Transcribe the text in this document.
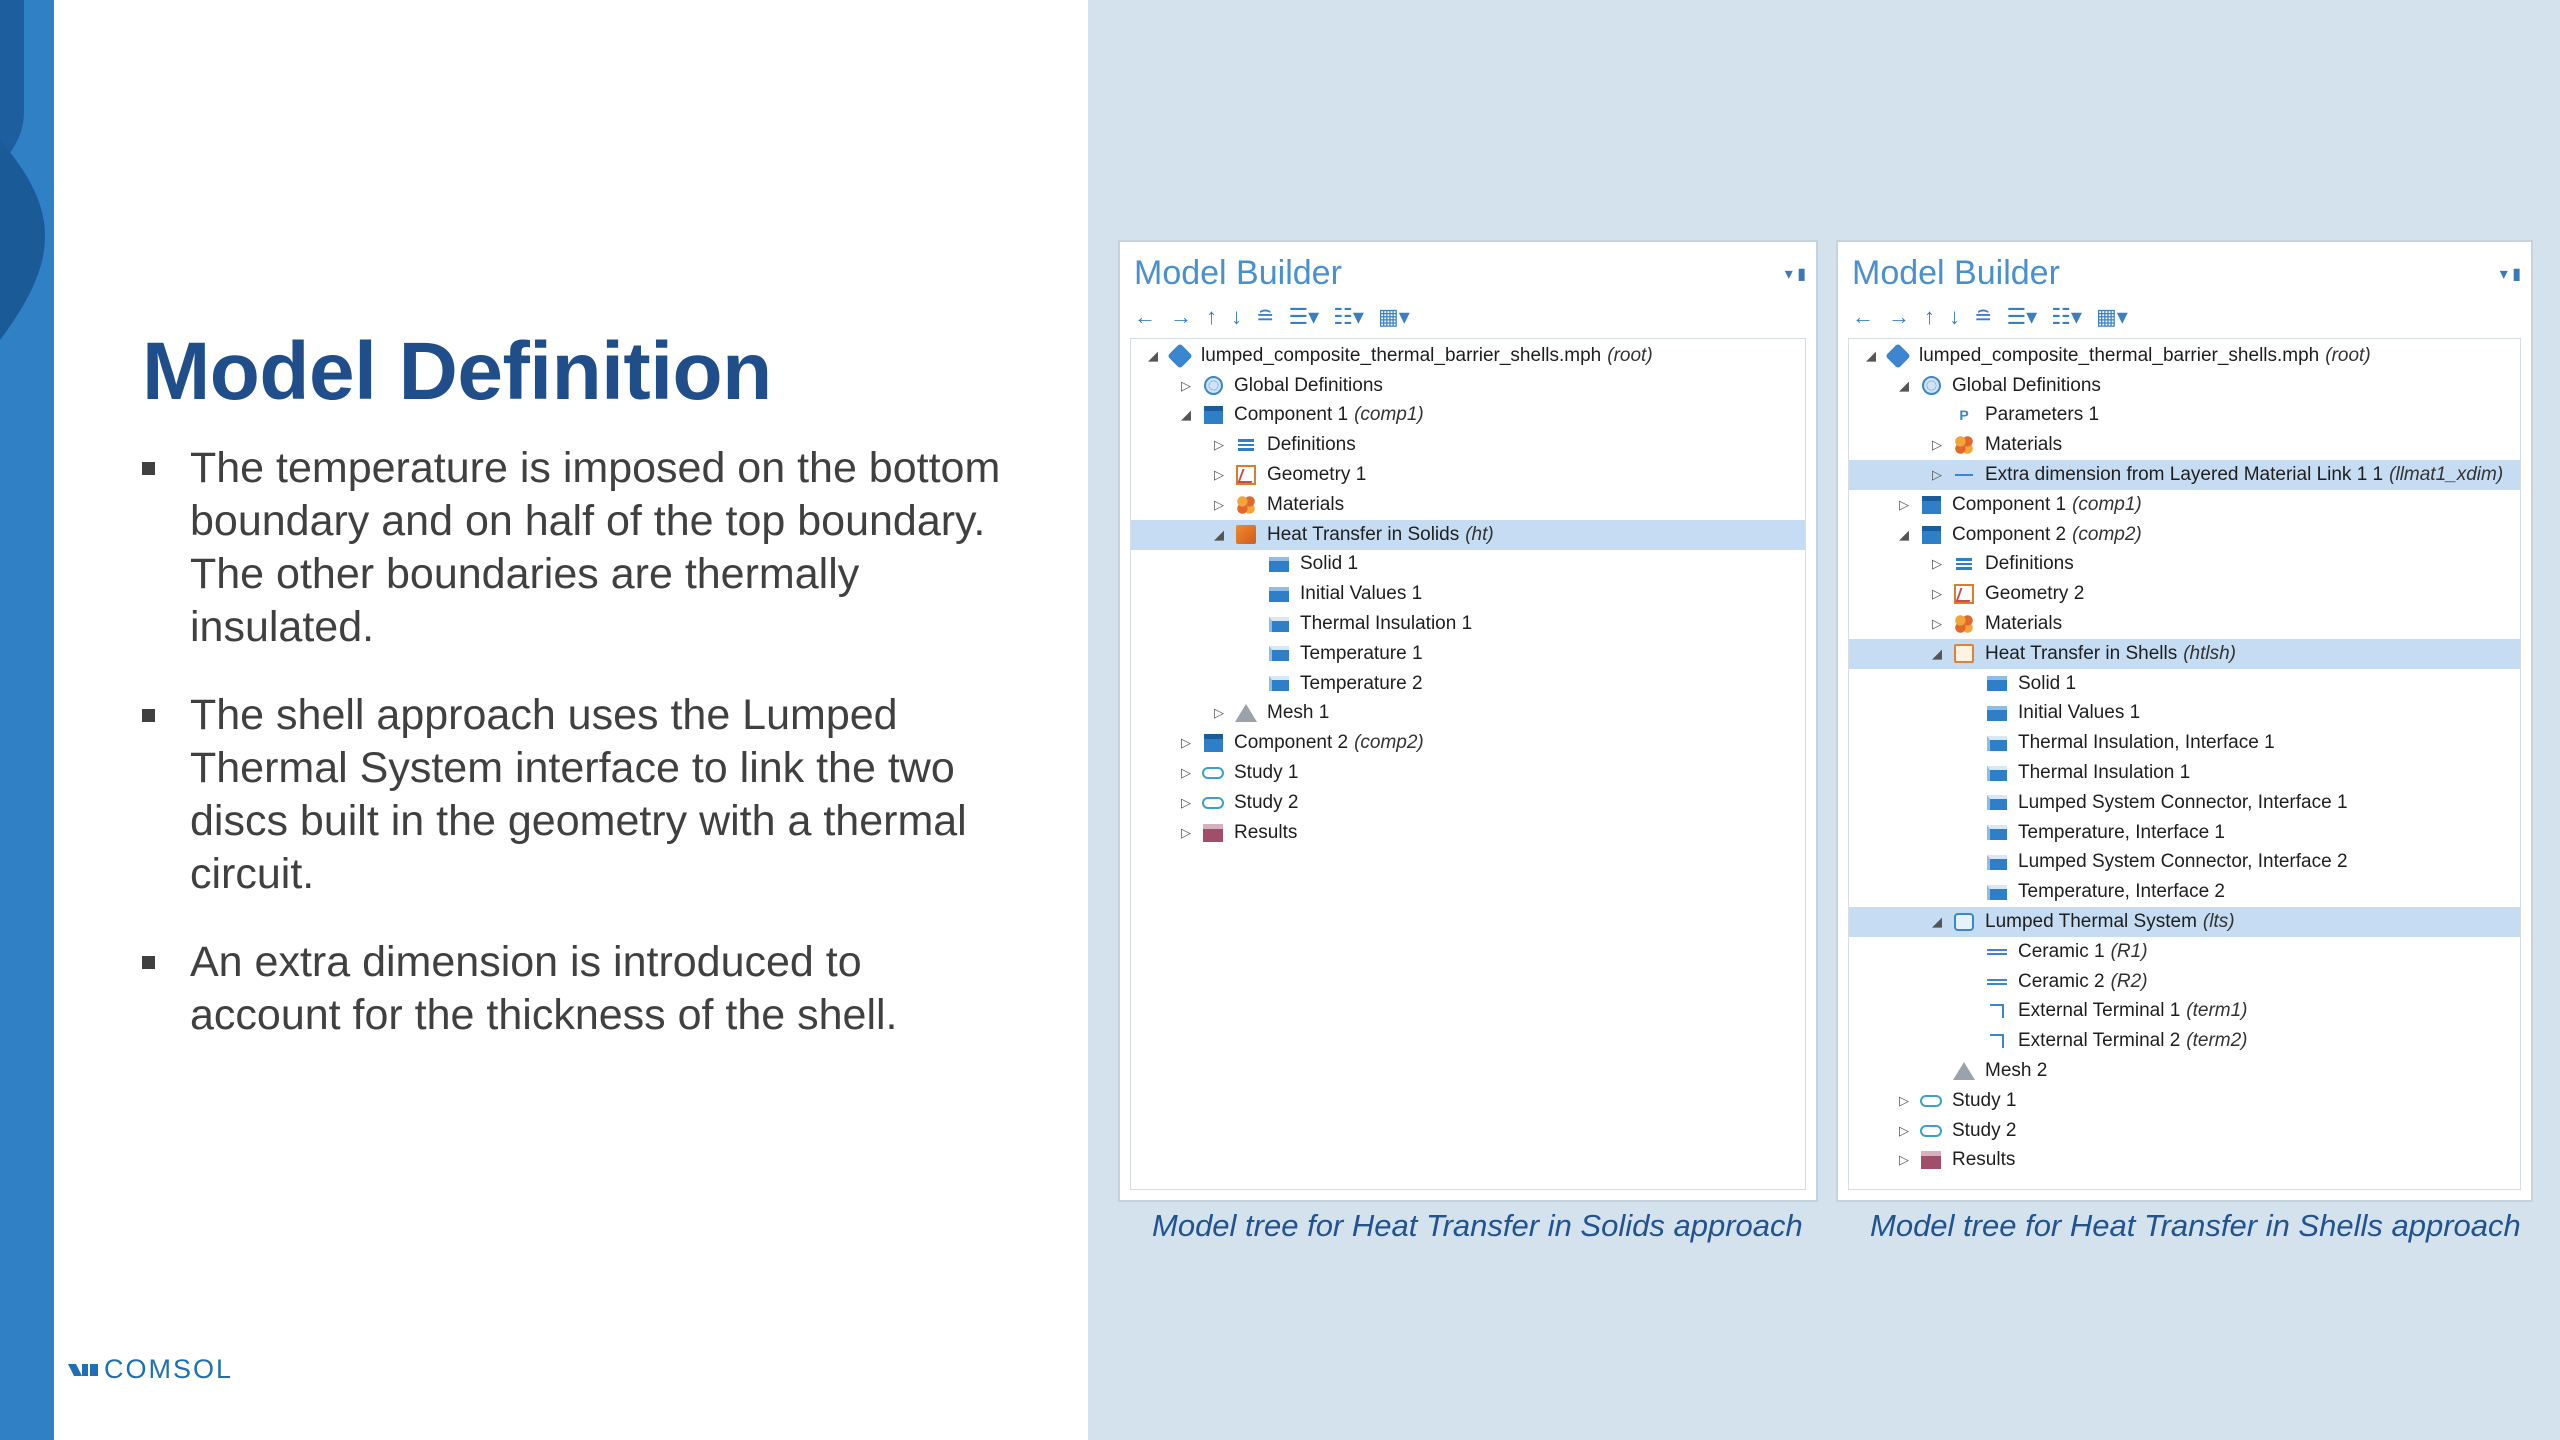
Model Definition
The temperature is imposed on the bottom boundary and on half of the top boundary. The other boundaries are thermally insulated.
The shell approach uses the Lumped Thermal System interface to link the two discs built in the geometry with a thermal circuit.
An extra dimension is introduced to account for the thickness of the shell.
COMSOL
Model Builder	▾ ▮
← → ↑ ↓ ≘ ☰▾ ☷▾ ▦▾
◢ lumped_composite_thermal_barrier_shells.mph (root)
▷ Global Definitions
◢ Component 1 (comp1)
▷ Definitions
▷ Geometry 1
▷ Materials
◢ Heat Transfer in Solids (ht)
Solid 1
Initial Values 1
Thermal Insulation 1
Temperature 1
Temperature 2
▷ Mesh 1
▷ Component 2 (comp2)
▷ Study 1
▷ Study 2
▷ Results
Model tree for Heat Transfer in Solids approach
Model Builder	▾ ▮
← → ↑ ↓ ≘ ☰▾ ☷▾ ▦▾
◢ lumped_composite_thermal_barrier_shells.mph (root)
◢ Global Definitions
P Parameters 1
▷ Materials
▷ Extra dimension from Layered Material Link 1 1 (llmat1_xdim)
▷ Component 1 (comp1)
◢ Component 2 (comp2)
▷ Definitions
▷ Geometry 2
▷ Materials
◢ Heat Transfer in Shells (htlsh)
Solid 1
Initial Values 1
Thermal Insulation, Interface 1
Thermal Insulation 1
Lumped System Connector, Interface 1
Temperature, Interface 1
Lumped System Connector, Interface 2
Temperature, Interface 2
◢ Lumped Thermal System (lts)
Ceramic 1 (R1)
Ceramic 2 (R2)
External Terminal 1 (term1)
External Terminal 2 (term2)
Mesh 2
▷ Study 1
▷ Study 2
▷ Results
Model tree for Heat Transfer in Shells approach
